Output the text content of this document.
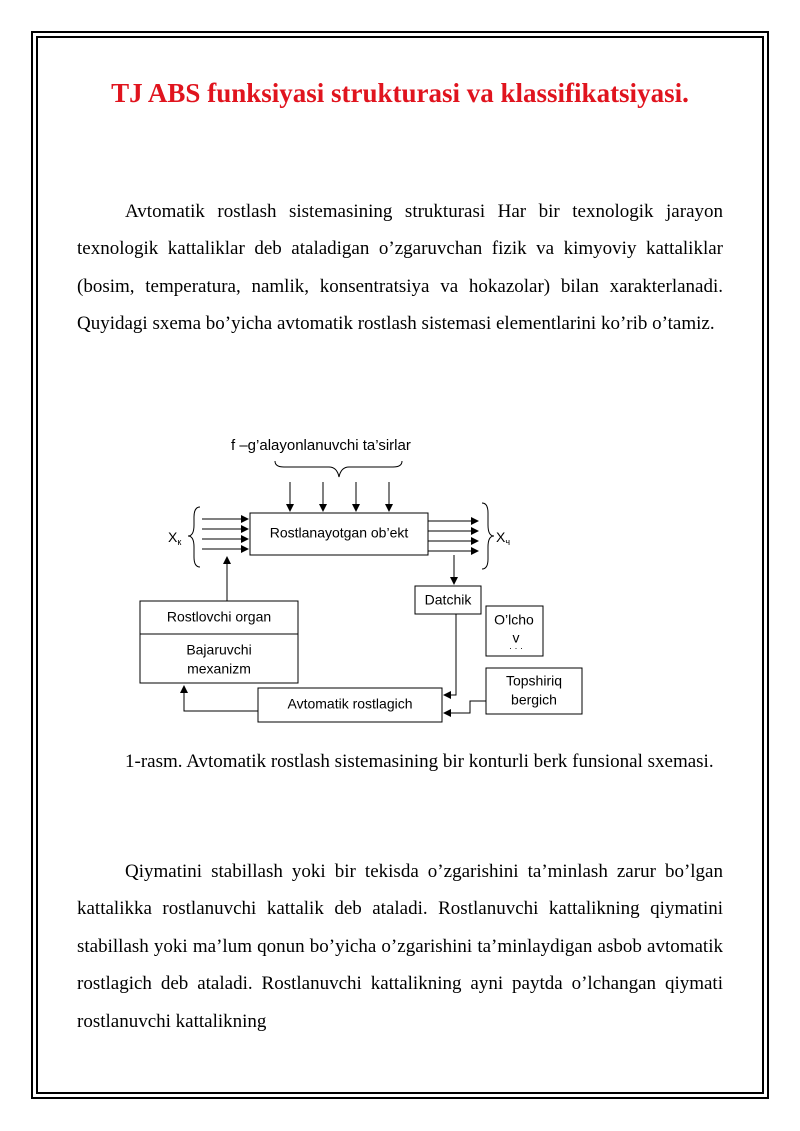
TJ ABS funksiyasi strukturasi va klassifikatsiyasi.

Avtomatik rostlash sistemasining strukturasi Har bir texnologik jarayon texnologik kattaliklar deb ataladigan o’zgaruvchan fizik va kimyoviy kattaliklar (bosim, temperatura, namlik, konsentratsiya va hokazolar) bilan xarakterlanadi. Quyidagi sxema bo’yicha avtomatik rostlash sistemasi elementlarini ko’rib o’tamiz.

f –g’alayonlanuvchi ta’sirlar
Rostlanayotgan ob’ekt
$X_к$	$X_ч$
Datchik
O’lcho
v
· · ·
Topshiriq
bergich
Rostlovchi organ
Bajaruvchi
mexanizm
Avtomatik rostlagich

1-rasm. Avtomatik rostlash sistemasining bir konturli berk funsional sxemasi.

Qiymatini stabillash yoki bir tekisda o’zgarishini ta’minlash zarur bo’lgan kattalikka rostlanuvchi kattalik deb ataladi. Rostlanuvchi kattalikning qiymatini stabillash yoki ma’lum qonun bo’yicha o’zgarishini ta’minlaydigan asbob avtomatik rostlagich deb ataladi. Rostlanuvchi kattalikning ayni paytda o’lchangan qiymati rostlanuvchi kattalikning
